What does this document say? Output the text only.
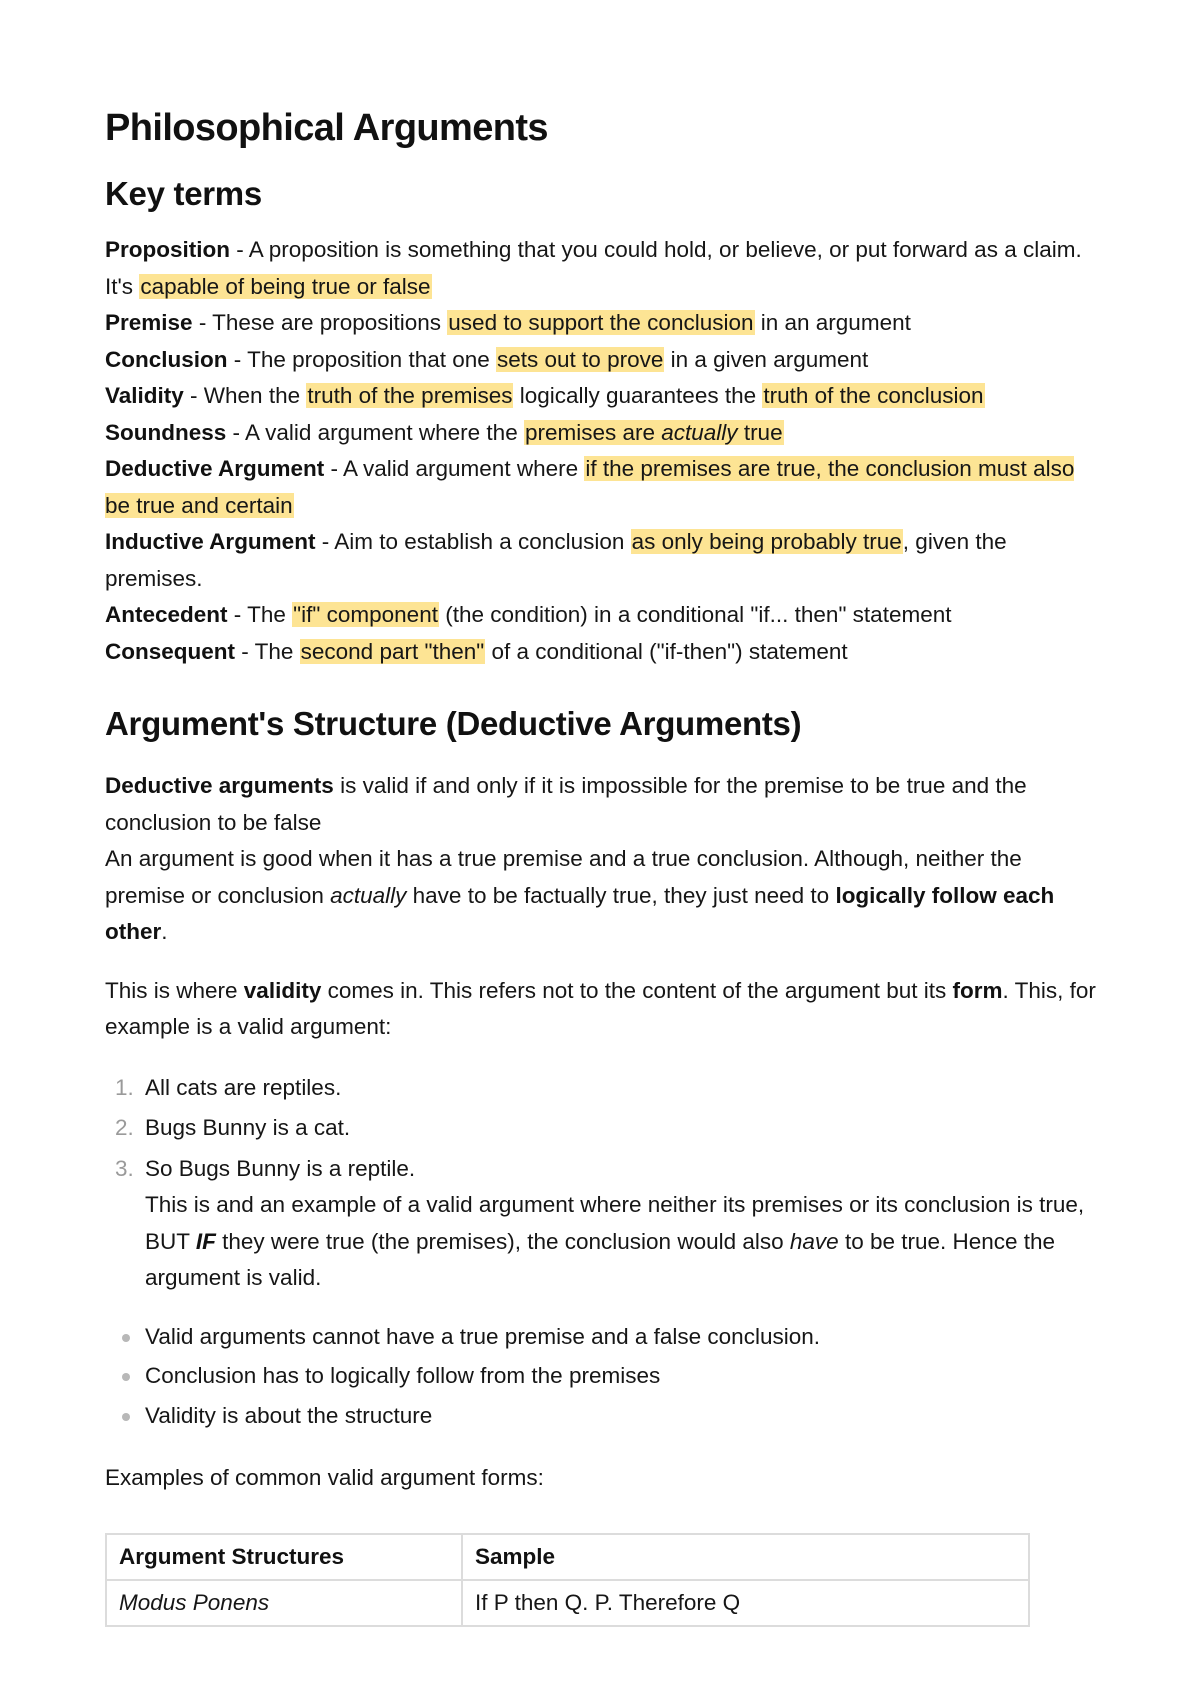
Philosophical Arguments
Key terms

Proposition - A proposition is something that you could hold, or believe, or put forward as a claim. It's capable of being true or false

Premise - These are propositions used to support the conclusion in an argument

Conclusion - The proposition that one sets out to prove in a given argument

Validity - When the truth of the premises logically guarantees the truth of the conclusion

Soundness - A valid argument where the premises are actually true

Deductive Argument - A valid argument where if the premises are true, the conclusion must also be true and certain

Inductive Argument - Aim to establish a conclusion as only being probably true, given the premises.

Antecedent - The "if" component (the condition) in a conditional "if... then" statement

Consequent - The second part "then" of a conditional ("if-then") statement

Argument's Structure (Deductive Arguments)

Deductive arguments is valid if and only if it is impossible for the premise to be true and the conclusion to be false

An argument is good when it has a true premise and a true conclusion. Although, neither the premise or conclusion actually have to be factually true, they just need to logically follow each other.

This is where validity comes in. This refers not to the content of the argument but its form. This, for example is a valid argument:

1. All cats are reptiles.
2. Bugs Bunny is a cat.
3. So Bugs Bunny is a reptile.
This is and an example of a valid argument where neither its premises or its conclusion is true, BUT IF they were true (the premises), the conclusion would also have to be true. Hence the argument is valid.
Valid arguments cannot have a true premise and a false conclusion.
Conclusion has to logically follow from the premises
Validity is about the structure

Examples of common valid argument forms:

Argument Structures	Sample
Modus Ponens	If P then Q. P. Therefore Q
